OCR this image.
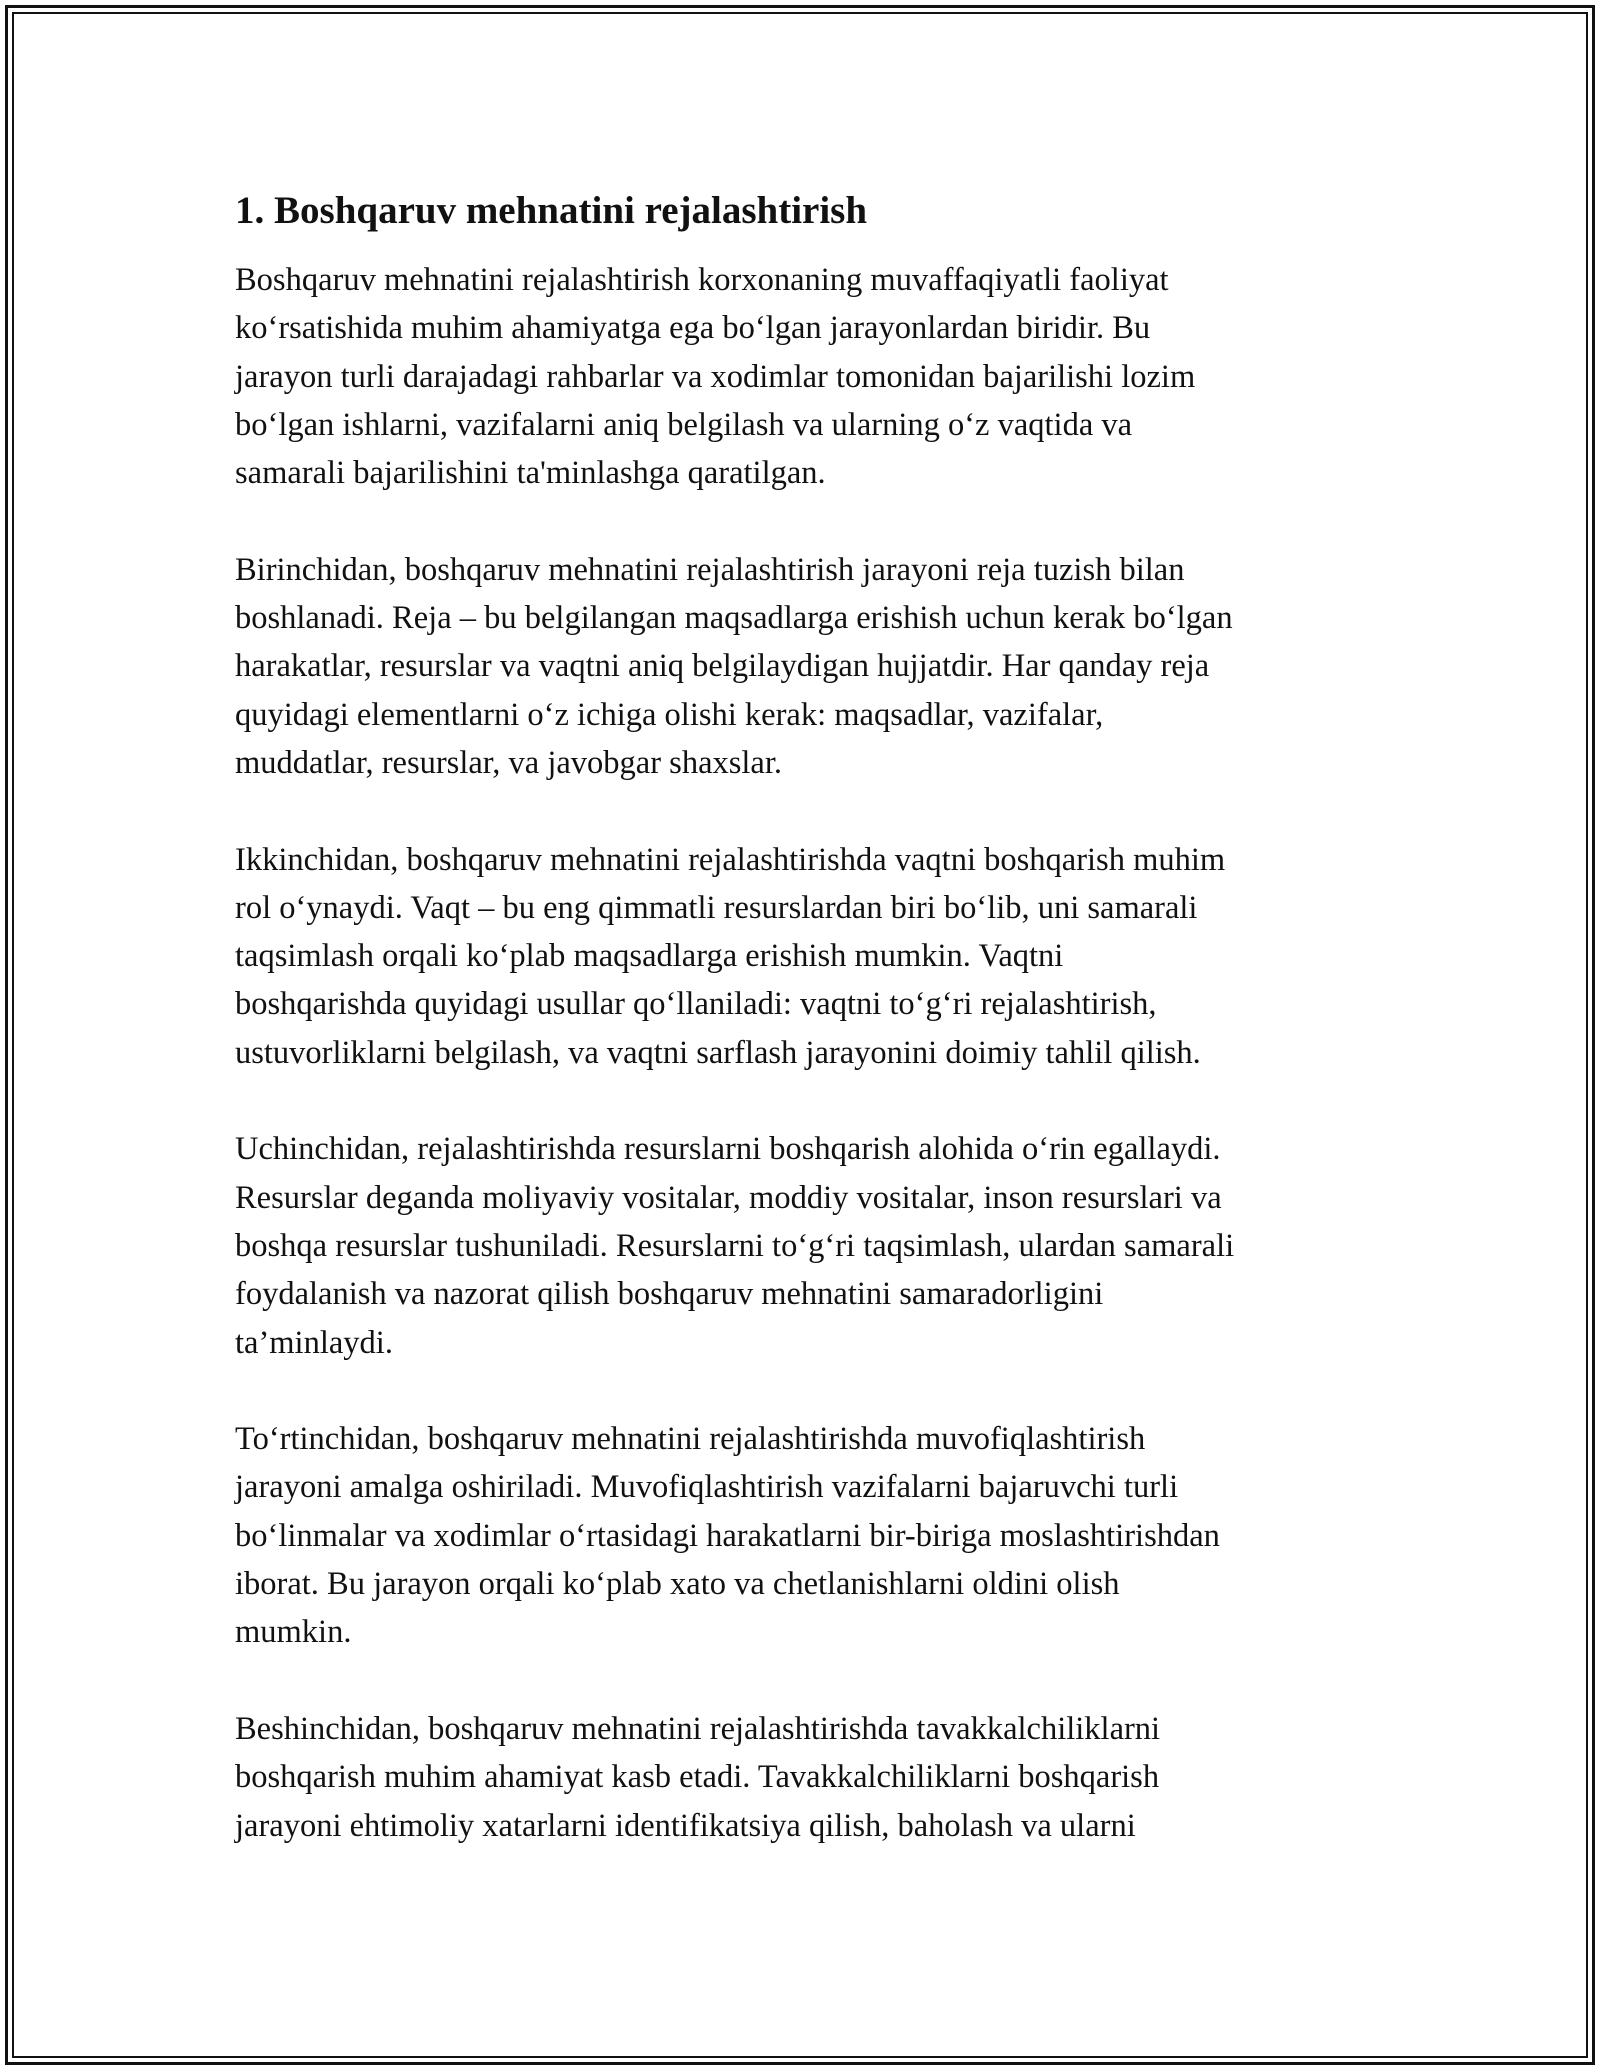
1. Boshqaruv mehnatini rejalashtirish

Boshqaruv mehnatini rejalashtirish korxonaning muvaffaqiyatli faoliyat
ko‘rsatishida muhim ahamiyatga ega bo‘lgan jarayonlardan biridir. Bu
jarayon turli darajadagi rahbarlar va xodimlar tomonidan bajarilishi lozim
bo‘lgan ishlarni, vazifalarni aniq belgilash va ularning o‘z vaqtida va
samarali bajarilishini ta'minlashga qaratilgan.

Birinchidan, boshqaruv mehnatini rejalashtirish jarayoni reja tuzish bilan
boshlanadi. Reja – bu belgilangan maqsadlarga erishish uchun kerak bo‘lgan
harakatlar, resurslar va vaqtni aniq belgilaydigan hujjatdir. Har qanday reja
quyidagi elementlarni o‘z ichiga olishi kerak: maqsadlar, vazifalar,
muddatlar, resurslar, va javobgar shaxslar.

Ikkinchidan, boshqaruv mehnatini rejalashtirishda vaqtni boshqarish muhim
rol o‘ynaydi. Vaqt – bu eng qimmatli resurslardan biri bo‘lib, uni samarali
taqsimlash orqali ko‘plab maqsadlarga erishish mumkin. Vaqtni
boshqarishda quyidagi usullar qo‘llaniladi: vaqtni to‘g‘ri rejalashtirish,
ustuvorliklarni belgilash, va vaqtni sarflash jarayonini doimiy tahlil qilish.

Uchinchidan, rejalashtirishda resurslarni boshqarish alohida o‘rin egallaydi.
Resurslar deganda moliyaviy vositalar, moddiy vositalar, inson resurslari va
boshqa resurslar tushuniladi. Resurslarni to‘g‘ri taqsimlash, ulardan samarali
foydalanish va nazorat qilish boshqaruv mehnatini samaradorligini
ta’minlaydi.

To‘rtinchidan, boshqaruv mehnatini rejalashtirishda muvofiqlashtirish
jarayoni amalga oshiriladi. Muvofiqlashtirish vazifalarni bajaruvchi turli
bo‘linmalar va xodimlar o‘rtasidagi harakatlarni bir-biriga moslashtirishdan
iborat. Bu jarayon orqali ko‘plab xato va chetlanishlarni oldini olish
mumkin.

Beshinchidan, boshqaruv mehnatini rejalashtirishda tavakkalchiliklarni
boshqarish muhim ahamiyat kasb etadi. Tavakkalchiliklarni boshqarish
jarayoni ehtimoliy xatarlarni identifikatsiya qilish, baholash va ularni
